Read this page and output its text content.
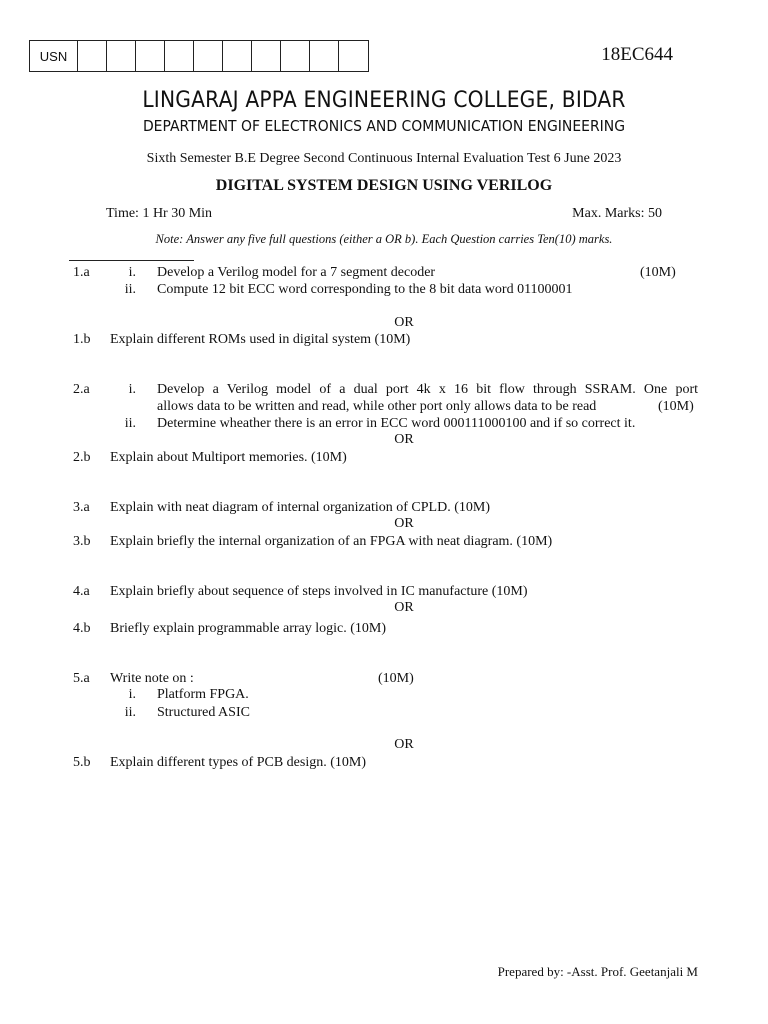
USN	18EC644
LINGARAJ APPA ENGINEERING COLLEGE, BIDAR
DEPARTMENT OF ELECTRONICS AND COMMUNICATION ENGINEERING
Sixth Semester B.E Degree Second Continuous Internal Evaluation Test 6 June 2023
DIGITAL SYSTEM DESIGN USING VERILOG
Time: 1 Hr 30 Min	Max. Marks: 50
Note: Answer any five full questions (either a OR b). Each Question carries Ten(10) marks.
1.a	i. Develop a Verilog model for a 7 segment decoder	(10M)
ii. Compute 12 bit ECC word corresponding to the 8 bit data word 01100001
OR
1.b Explain different ROMs used in digital system (10M)
2.a	i. Develop a Verilog model of a dual port 4k x 16 bit flow through SSRAM. One port
allows data to be written and read, while other port only allows data to be read	(10M)
ii. Determine wheather there is an error in ECC word 000111000100 and if so correct it.
OR
2.b Explain about Multiport memories. (10M)
3.a Explain with neat diagram of internal organization of CPLD. (10M)
OR
3.b Explain briefly the internal organization of an FPGA with neat diagram. (10M)
4.a Explain briefly about sequence of steps involved in IC manufacture (10M)
OR
4.b Briefly explain programmable array logic. (10M)
5.a Write note on :	(10M)
i. Platform FPGA.
ii. Structured ASIC
OR
5.b Explain different types of PCB design. (10M)
Prepared by: -Asst. Prof. Geetanjali M
